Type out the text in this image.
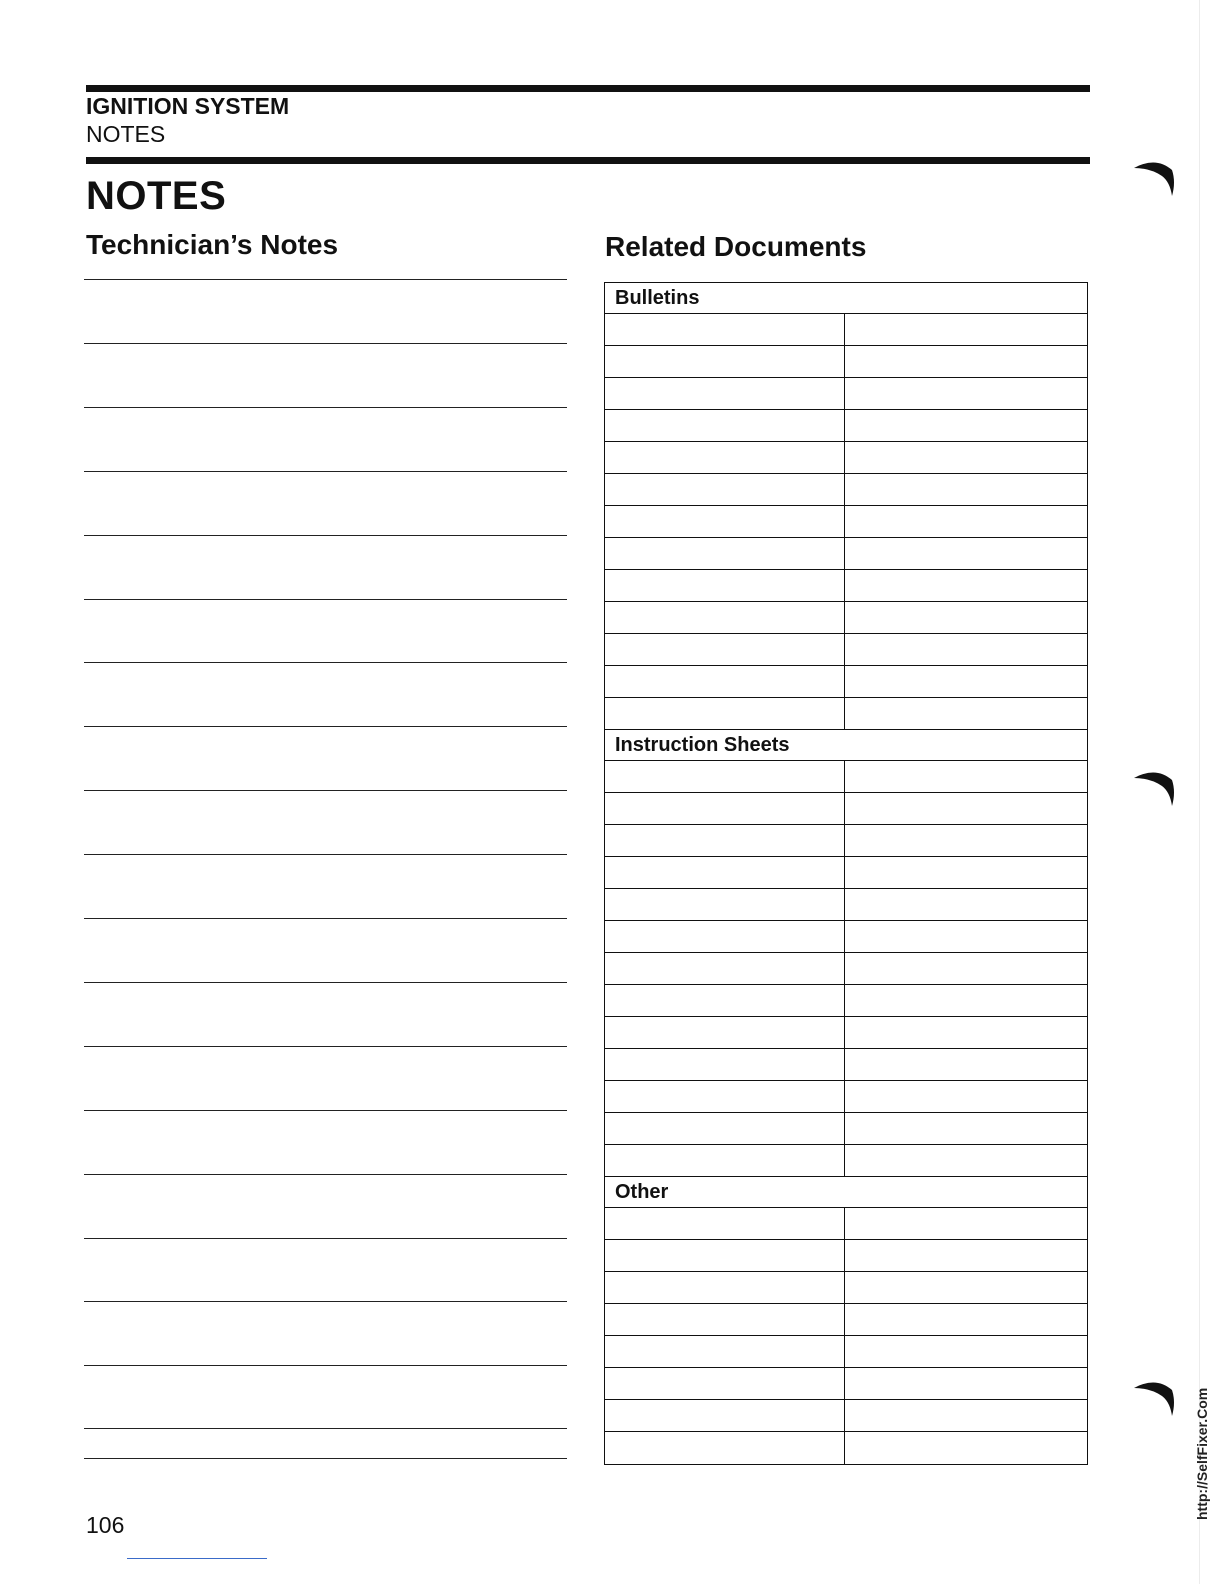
IGNITION SYSTEM
NOTES
NOTES
Technician’s Notes	Related Documents
Bulletins
Instruction Sheets
Other
106
http://SelfFixer.Com
